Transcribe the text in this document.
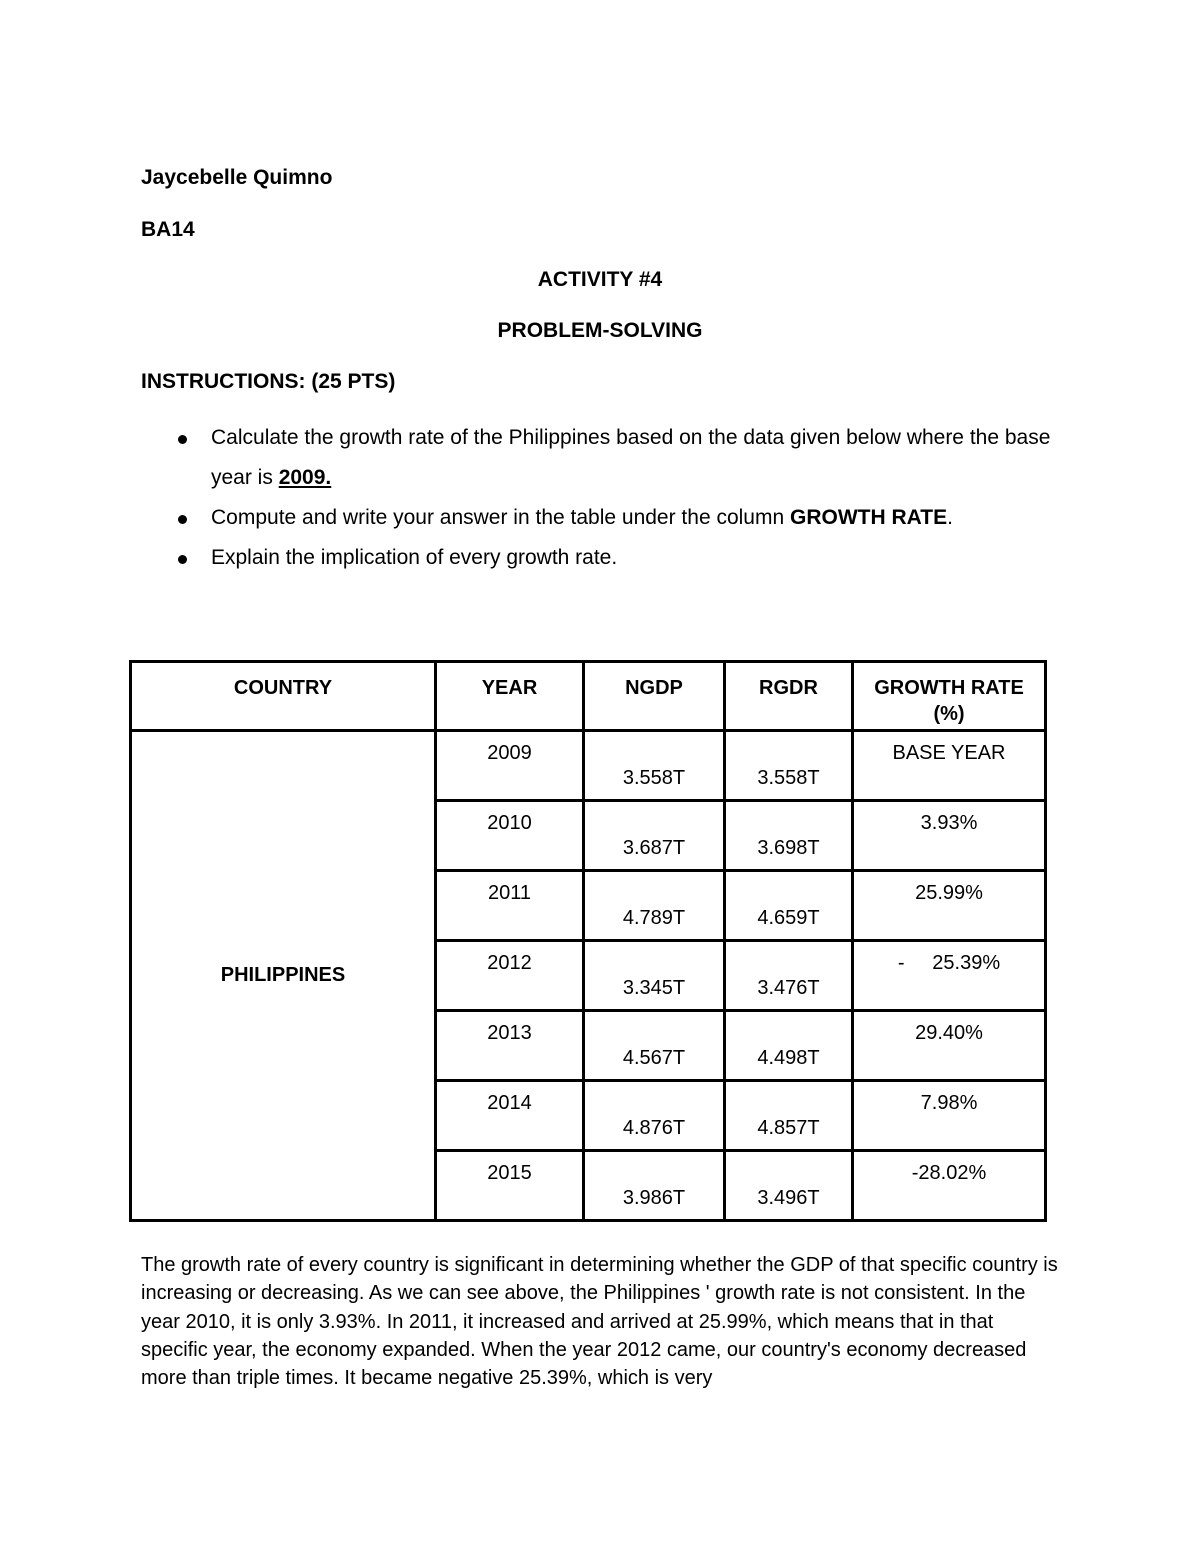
Jaycebelle Quimno
BA14
ACTIVITY #4
PROBLEM-SOLVING
INSTRUCTIONS: (25 PTS)
Calculate the growth rate of the Philippines based on the data given below where the base year is 2009.
Compute and write your answer in the table under the column GROWTH RATE.
Explain the implication of every growth rate.
COUNTRY	YEAR	NGDP	RGDR	GROWTH RATE
(%)
PHILIPPINES	2009	3.558T	3.558T	BASE YEAR
	2010	3.687T	3.698T	3.93%
	2011	4.789T	4.659T	25.99%
	2012	3.345T	3.476T	-     25.39%
	2013	4.567T	4.498T	29.40%
	2014	4.876T	4.857T	7.98%
	2015	3.986T	3.496T	-28.02%
The growth rate of every country is significant in determining whether the GDP of that specific country is increasing or decreasing. As we can see above, the Philippines ' growth rate is not consistent. In the year 2010, it is only 3.93%. In 2011, it increased and arrived at 25.99%, which means that in that specific year, the economy expanded. When the year 2012 came, our country's economy decreased more than triple times. It became negative 25.39%, which is very
